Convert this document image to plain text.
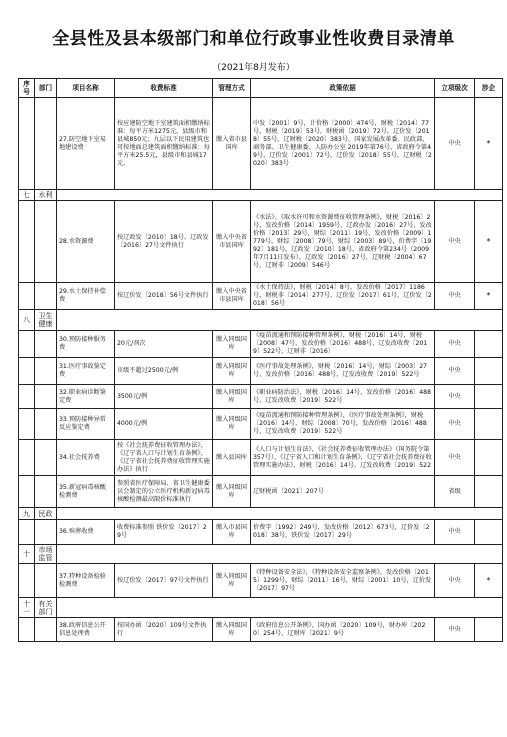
全县性及县本级部门和单位行政事业性收费目录清单
（2021年8月发布）
序号	部门	项目名称	收费标准	管理方式	政策依据	立项级次	涉企
		27.防空地下室易地建设费	按应建防空地下室建筑面积缴纳标准：每平方米1275元，县级市和县城850元；九层以下民用建筑也可按地面总建筑面积缴纳标准：每平方米25.5元，县级市和县城17元。	缴入省市县国库	中发〔2001〕9号，计价格〔2000〕474号，财税〔2014〕77号，财税〔2019〕53号，财税函〔2019〕72号，辽价发〔2018〕55号，辽财税〔2020〕383号，国家发展改革委、民政部、商务部、卫生健康委、人防办公室 2019年第76号，省政府令第49号，辽价发〔2001〕72号，辽价发〔2018〕55号，辽财税〔2020〕383号	中央	*
七	水利						
		28.水资源费	按辽政发〔2010〕18号、辽政发〔2016〕27号文件执行	缴入中央省市县国库	《水法》、《取水许可和水资源费征收管理条例》，财税〔2016〕2号，发改价格〔2014〕1959号，辽政办发〔2016〕27号，发改价格〔2013〕29号，财综〔2011〕19号，发改价格〔2009〕1779号，财综〔2008〕79号，财综〔2003〕89号，价费字〔1992〕181号，辽政发〔2010〕18号，省政府令第234号（2009年7月11日发布），辽政发〔2016〕27号，辽财税〔2004〕67号，辽财非〔2009〕546号	中央	*
		29.水土保持补偿费	按辽价发〔2018〕56号文件执行	缴入中央省市县国库	《水土保持法》，财税〔2014〕8号，发改价格〔2017〕1186号，财税非〔2014〕277号，辽价发〔2017〕61号，辽价发〔2018〕56号	中央	*
八	卫生健康						
		30.预防接种服务费	20元/剂次	缴入同级国库	《疫苗流通和预防接种管理条例》，财税〔2016〕14号，财税〔2008〕47号，发改价格〔2016〕488号，辽发改收费〔2019〕522号，辽财非〔2016〕	中央	
		31.医疗事故鉴定费	市级不超过2500元/例	缴入同级国库	《医疗事故处理条例》，财税〔2016〕14号，财综〔2003〕27号，发改价格〔2016〕488号，辽发改收费〔2019〕522号	中央	
		32.职业病诊断鉴定费	3500元/例	缴入同级国库	《职业病防治法》，财税〔2016〕14号，发改价格〔2016〕488号，辽发改收费〔2019〕522号	中央	
		33.预防接种异常反应鉴定费	4000元/例	缴入同级国库	《疫苗流通和预防接种管理条例》，《医疗事故处理条例》，财税〔2016〕14号，财综〔2008〕70号，发改价格〔2016〕488号，辽发改收费〔2019〕522号	中央	
		34.社会抚养费	按《社会抚养费征收管理办法》、《辽宁省人口与计划生育条例》、《辽宁省社会抚养费征收管理实施办法》执行	缴入县国库	《人口与计划生育法》，《社会抚养费征收管理办法》（国务院令第357号），《辽宁省人口和计划生育条例》，《辽宁省社会抚养费征收管理实施办法》，财税〔2016〕14号，辽发改收费〔2019〕522	中央	
		35.新冠病毒核酸检测费	参照省医疗保障局、省卫生健康委员会制定的公立医疗机构新冠病毒核酸检测最高限价标准执行	缴入同级国库	辽财税函〔2021〕207号	省级	
九	民政						
		36.殡葬收费	收费标准参照 铁价发〔2017〕29号	缴入市县国库	价费字〔1992〕249号，发改价格〔2012〕673号，辽价发〔2018〕38号，铁价发〔2017〕29号	中央	
十	市场监管						
		37.特种设备检验检测费	按辽价发〔2017〕97号文件执行	缴入同级国库	《特种设备安全法》，《特种设备安全监察条例》，发改价格〔2015〕1299号，财综〔2011〕16号，财综〔2001〕10号，辽价发〔2017〕97号	中央	*
十一	有关部门						
		38.政府信息公开信息处理费	按国办函〔2020〕109号文件执行	缴入同级国库	《政府信息公开条例》，国办函〔2020〕109号，财办库〔2020〕254号，辽财库〔2021〕9号	中央	
